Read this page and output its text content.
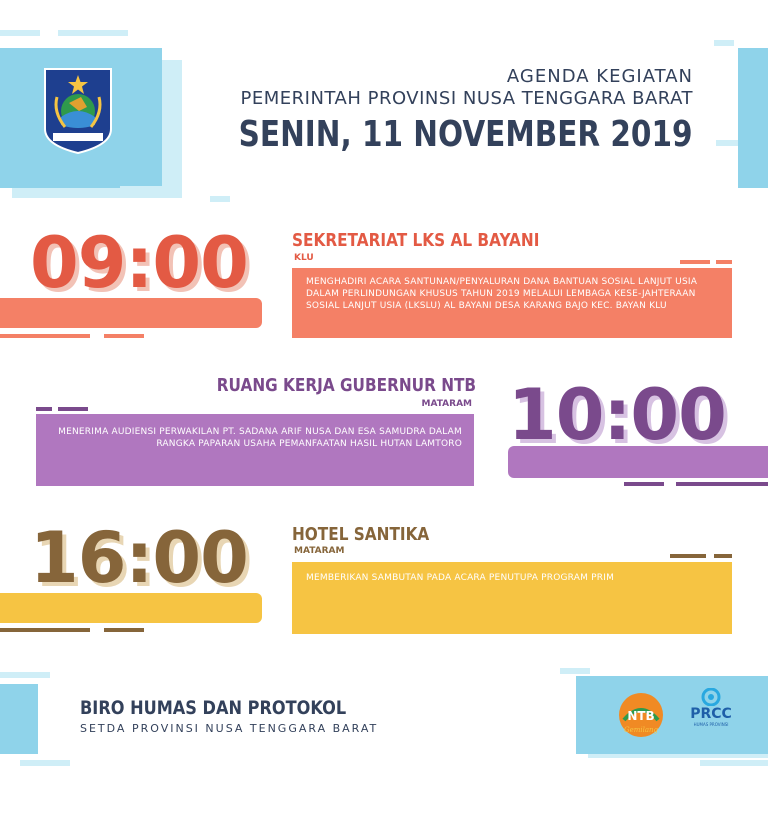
AGENDA KEGIATAN
PEMERINTAH PROVINSI NUSA TENGGARA BARAT
SENIN, 11 NOVEMBER 2019
09:00 SEKRETARIAT LKS AL BAYANI
KLU
MENGHADIRI ACARA SANTUNAN/PENYALURAN DANA BANTUAN SOSIAL LANJUT USIA DALAM PERLINDUNGAN KHUSUS TAHUN 2019 MELALUI LEMBAGA KESE-JAHTERAAN SOSIAL LANJUT USIA (LKSLU) AL BAYANI DESA KARANG BAJO KEC. BAYAN KLU
RUANG KERJA GUBERNUR NTB
MATARAM
MENERIMA AUDIENSI PERWAKILAN PT. SADANA ARIF NUSA DAN ESA SAMUDRA DALAM RANGKA PAPARAN USAHA PEMANFAATAN HASIL HUTAN LAMTORO 10:00
16:00 HOTEL SANTIKA
MATARAM
MEMBERIKAN SAMBUTAN PADA ACARA PENUTUPA PROGRAM PRIM
BIRO HUMAS DAN PROTOKOL
SETDA PROVINSI NUSA TENGGARA BARAT
NTB
Gemilang
PRCC
HUMAS PROVINSI
